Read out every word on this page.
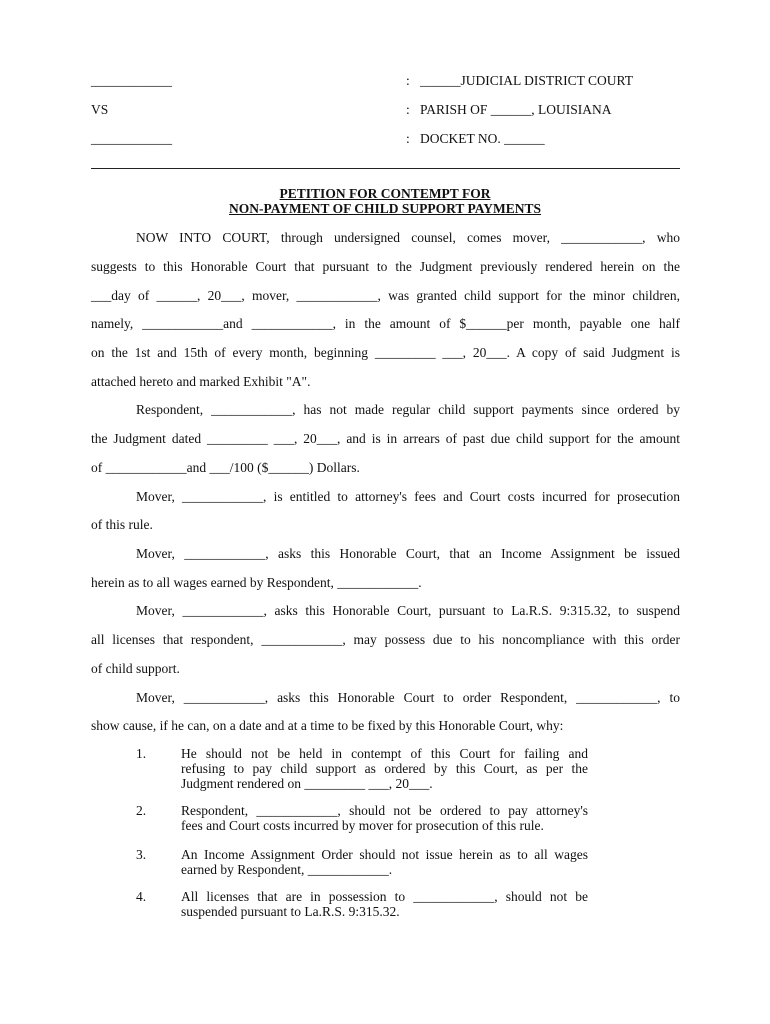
____________	: ______JUDICIAL DISTRICT COURT
VS	: PARISH OF ______, LOUISIANA
____________	: DOCKET NO. ______
PETITION FOR CONTEMPT FOR
NON-PAYMENT OF CHILD SUPPORT PAYMENTS
NOW INTO COURT, through undersigned counsel, comes mover, ____________, who
suggests to this Honorable Court that pursuant to the Judgment previously rendered herein on the
___day of ______, 20___, mover, ____________, was granted child support for the minor children,
namely, ____________and ____________, in the amount of $______per month, payable one half
on the 1st and 15th of every month, beginning _________ ___, 20___. A copy of said Judgment is
attached hereto and marked Exhibit "A".
Respondent, ____________, has not made regular child support payments since ordered by
the Judgment dated _________ ___, 20___, and is in arrears of past due child support for the amount
of ____________and ___/100 ($______) Dollars.
Mover, ____________, is entitled to attorney's fees and Court costs incurred for prosecution
of this rule.
Mover, ____________, asks this Honorable Court, that an Income Assignment be issued
herein as to all wages earned by Respondent, ____________.
Mover, ____________, asks this Honorable Court, pursuant to La.R.S. 9:315.32, to suspend
all licenses that respondent, ____________, may possess due to his noncompliance with this order
of child support.
Mover, ____________, asks this Honorable Court to order Respondent, ____________, to
show cause, if he can, on a date and at a time to be fixed by this Honorable Court, why:
1.	He should not be held in contempt of this Court for failing and
refusing to pay child support as ordered by this Court, as per the
Judgment rendered on _________ ___, 20___.
2.	Respondent, ____________, should not be ordered to pay attorney's
fees and Court costs incurred by mover for prosecution of this rule.
3.	An Income Assignment Order should not issue herein as to all wages
earned by Respondent, ____________.
4.	All licenses that are in possession to ____________, should not be
suspended pursuant to La.R.S. 9:315.32.
